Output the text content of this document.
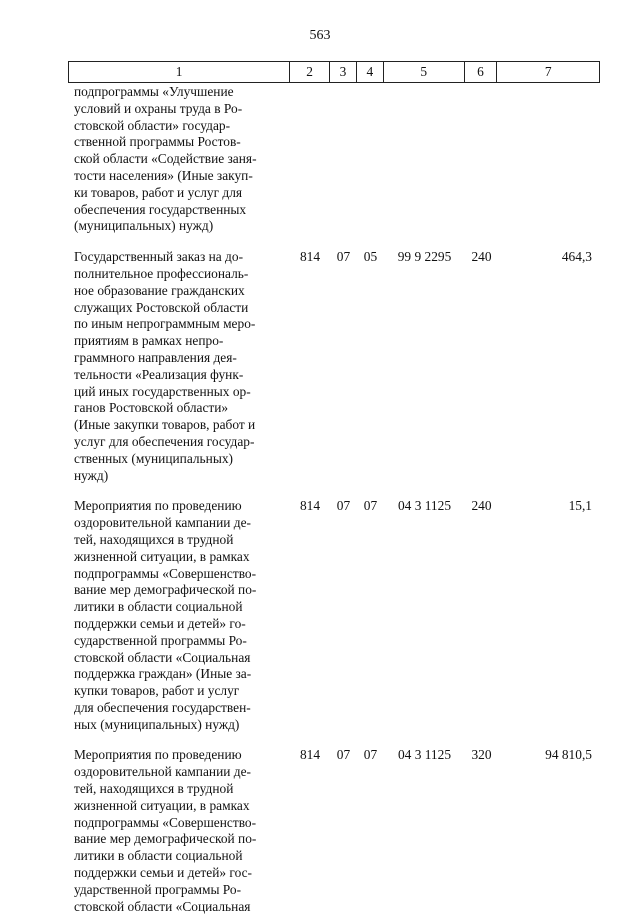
563
1	2	3	4	5	6	7
подпрограммы «Улучшение
условий и охраны труда в Ро-
стовской области» государ-
ственной программы Ростов-
ской области «Содействие заня-
тости населения» (Иные закуп-
ки товаров, работ и услуг для
обеспечения государственных
(муниципальных) нужд)
Государственный заказ на до-
полнительное профессиональ-
ное образование гражданских
служащих Ростовской области
по иным непрограммным меро-
приятиям в рамках непро-
граммного направления дея-
тельности «Реализация функ-
ций иных государственных ор-
ганов Ростовской области»
(Иные закупки товаров, работ и
услуг для обеспечения государ-
ственных (муниципальных)
нужд)
814	07	05	99 9 2295	240	464,3
Мероприятия по проведению
оздоровительной кампании де-
тей, находящихся в трудной
жизненной ситуации, в рамках
подпрограммы «Совершенство-
вание мер демографической по-
литики в области социальной
поддержки семьи и детей» го-
сударственной программы Ро-
стовской области «Социальная
поддержка граждан» (Иные за-
купки товаров, работ и услуг
для обеспечения государствен-
ных (муниципальных) нужд)
814	07	07	04 3 1125	240	15,1
Мероприятия по проведению
оздоровительной кампании де-
тей, находящихся в трудной
жизненной ситуации, в рамках
подпрограммы «Совершенство-
вание мер демографической по-
литики в области социальной
поддержки семьи и детей» гос-
ударственной программы Ро-
стовской области «Социальная
814	07	07	04 3 1125	320	94 810,5
